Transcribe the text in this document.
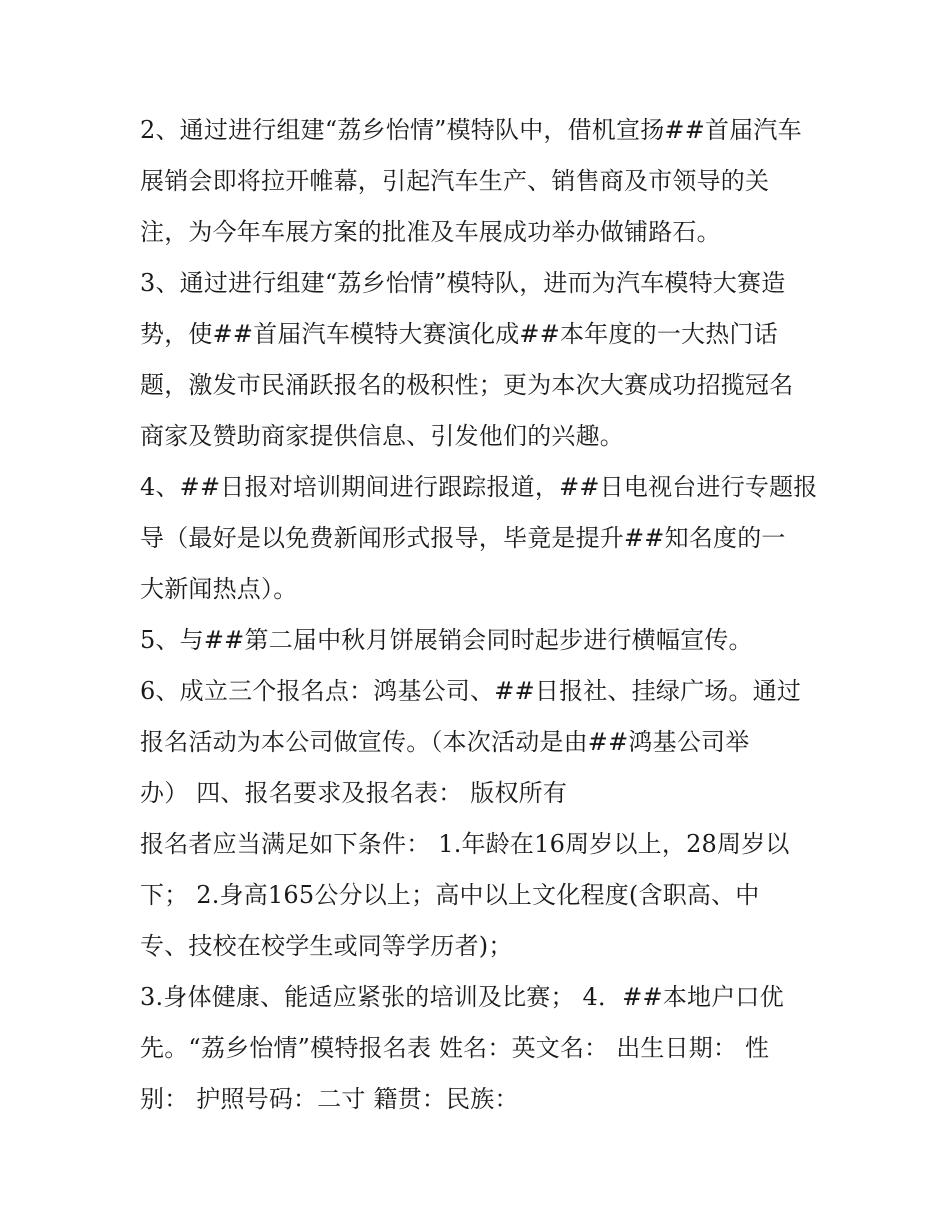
2、通过进行组建“荔乡怡情”模特队中，借机宣扬##首届汽车
展销会即将拉开帷幕，引起汽车生产、销售商及市领导的关
注，为今年车展方案的批准及车展成功举办做铺路石。
3、通过进行组建“荔乡怡情”模特队，进而为汽车模特大赛造
势，使##首届汽车模特大赛演化成##本年度的一大热门话
题，激发市民涌跃报名的极积性；更为本次大赛成功招揽冠名
商家及赞助商家提供信息、引发他们的兴趣。
4、##日报对培训期间进行跟踪报道，##日电视台进行专题报
导（最好是以免费新闻形式报导，毕竟是提升##知名度的一
大新闻热点）。
5、与##第二届中秋月饼展销会同时起步进行横幅宣传。
6、成立三个报名点：鸿基公司、##日报社、挂绿广场。通过
报名活动为本公司做宣传。（本次活动是由##鸿基公司举
办） 四、报名要求及报名表： 版权所有
报名者应当满足如下条件： 1.年龄在16周岁以上，28周岁以
下； 2.身高165公分以上；高中以上文化程度(含职高、中
专、技校在校学生或同等学历者)；
3.身体健康、能适应紧张的培训及比赛； 4．##本地户口优
先。“荔乡怡情”模特报名表 姓名：英文名： 出生日期： 性
别： 护照号码：二寸 籍贯：民族：
